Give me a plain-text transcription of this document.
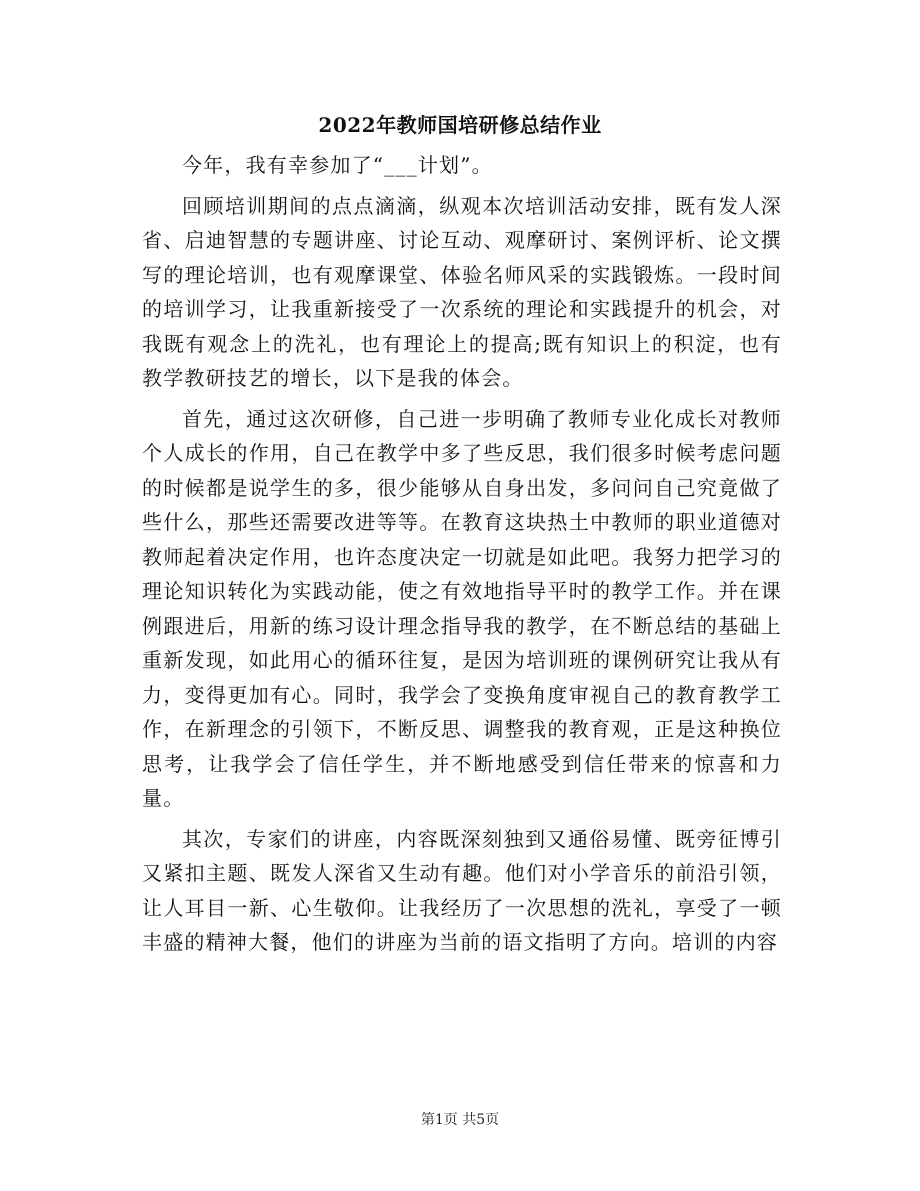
2022年教师国培研修总结作业

今年，我有幸参加了“___计划”。

回顾培训期间的点点滴滴，纵观本次培训活动安排，既有发人深省、启迪智慧的专题讲座、讨论互动、观摩研讨、案例评析、论文撰写的理论培训，也有观摩课堂、体验名师风采的实践锻炼。一段时间的培训学习，让我重新接受了一次系统的理论和实践提升的机会，对我既有观念上的洗礼，也有理论上的提高;既有知识上的积淀，也有教学教研技艺的增长，以下是我的体会。

首先，通过这次研修，自己进一步明确了教师专业化成长对教师个人成长的作用，自己在教学中多了些反思，我们很多时候考虑问题的时候都是说学生的多，很少能够从自身出发，多问问自己究竟做了些什么，那些还需要改进等等。在教育这块热土中教师的职业道德对教师起着决定作用，也许态度决定一切就是如此吧。我努力把学习的理论知识转化为实践动能，使之有效地指导平时的教学工作。并在课例跟进后，用新的练习设计理念指导我的教学，在不断总结的基础上重新发现，如此用心的循环往复，是因为培训班的课例研究让我从有力，变得更加有心。同时，我学会了变换角度审视自己的教育教学工作，在新理念的引领下，不断反思、调整我的教育观，正是这种换位思考，让我学会了信任学生，并不断地感受到信任带来的惊喜和力量。

其次，专家们的讲座，内容既深刻独到又通俗易懂、既旁征博引又紧扣主题、既发人深省又生动有趣。他们对小学音乐的前沿引领，让人耳目一新、心生敬仰。让我经历了一次思想的洗礼，享受了一顿丰盛的精神大餐，他们的讲座为当前的语文指明了方向。培训的内容

第1页 共5页
